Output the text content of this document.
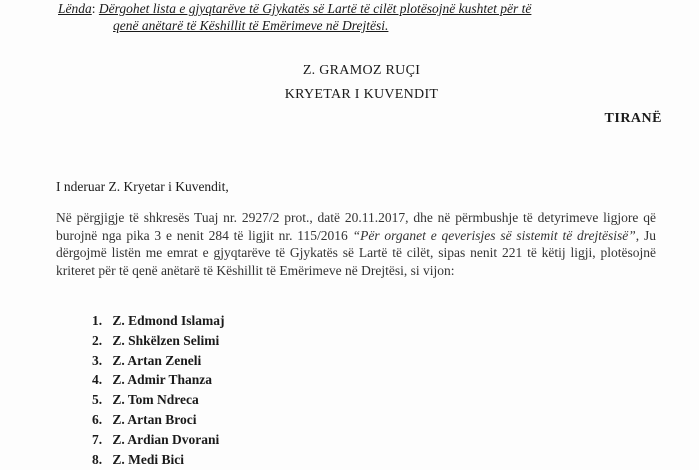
Lënda: Dërgohet lista e gjyqtarëve të Gjykatës së Lartë të cilët plotësojnë kushtet për të
qenë anëtarë të Këshillit të Emërimeve në Drejtësi.
Z. GRAMOZ RUÇI
KRYETAR I KUVENDIT
TIRANË
I nderuar Z. Kryetar i Kuvendit,
Në përgjigje të shkresës Tuaj nr. 2927/2 prot., datë 20.11.2017, dhe në përmbushje të detyrimeve ligjore që burojnë nga pika 3 e nenit 284 të ligjit nr. 115/2016 “Për organet e qeverisjes së sistemit të drejtësisë”, Ju dërgojmë listën me emrat e gjyqtarëve të Gjykatës së Lartë të cilët, sipas nenit 221 të këtij ligji, plotësojnë kriteret për të qenë anëtarë të Këshillit të Emërimeve në Drejtësi, si vijon:
1. Z. Edmond Islamaj
2. Z. Shkëlzen Selimi
3. Z. Artan Zeneli
4. Z. Admir Thanza
5. Z. Tom Ndreca
6. Z. Artan Broci
7. Z. Ardian Dvorani
8. Z. Medi Bici
